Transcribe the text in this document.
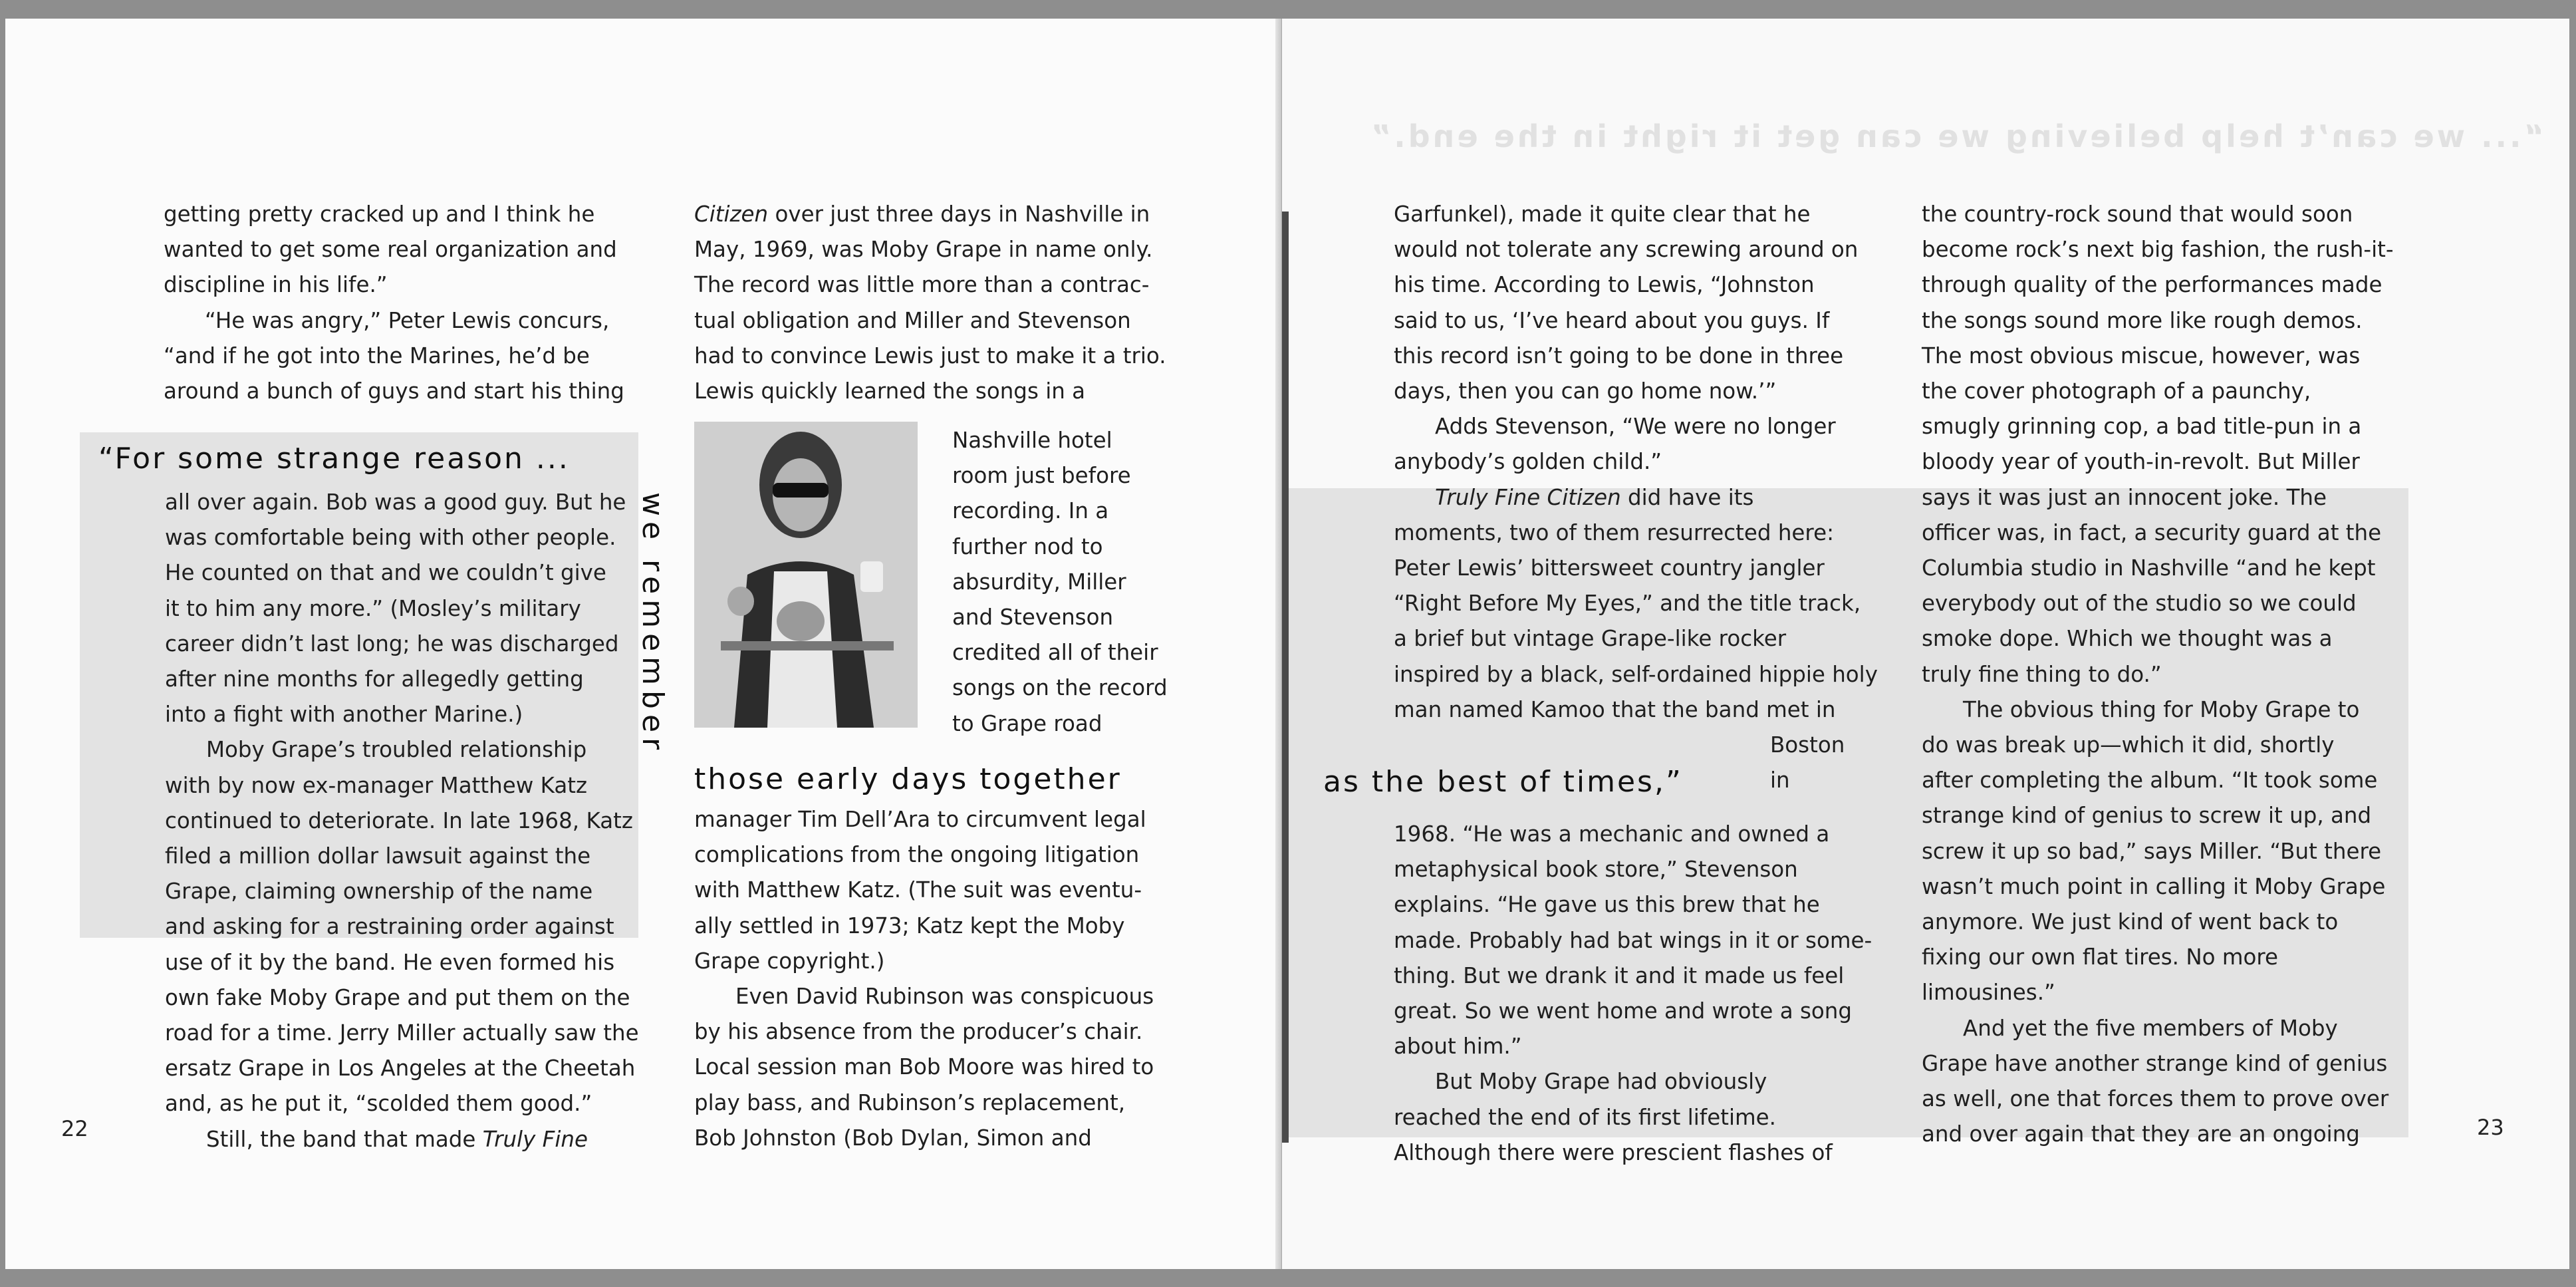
getting pretty cracked up and I think he

wanted to get some real organization and

discipline in his life.”

“He was angry,” Peter Lewis concurs,

“and if he got into the Marines, he’d be

around a bunch of guys and start his thing

all over again. Bob was a good guy. But he

was comfortable being with other people.

He counted on that and we couldn’t give

it to him any more.” (Mosley’s military

career didn’t last long; he was discharged

after nine months for allegedly getting

into a fight with another Marine.)

Moby Grape’s troubled relationship

with by now ex-manager Matthew Katz

continued to deteriorate. In late 1968, Katz

filed a million dollar lawsuit against the

Grape, claiming ownership of the name

and asking for a restraining order against

use of it by the band. He even formed his

own fake Moby Grape and put them on the

road for a time. Jerry Miller actually saw the

ersatz Grape in Los Angeles at the Cheetah

and, as he put it, “scolded them good.”

Still, the band that made Truly Fine

Citizen over just three days in Nashville in

May, 1969, was Moby Grape in name only.

The record was little more than a contrac-

tual obligation and Miller and Stevenson

had to convince Lewis just to make it a trio.

Lewis quickly learned the songs in a

Nashville hotel

room just before

recording. In a

further nod to

absurdity, Miller

and Stevenson

credited all of their

songs on the record

to Grape road

manager Tim Dell’Ara to circumvent legal

complications from the ongoing litigation

with Matthew Katz. (The suit was eventu-

ally settled in 1973; Katz kept the Moby

Grape copyright.)

Even David Rubinson was conspicuous

by his absence from the producer’s chair.

Local session man Bob Moore was hired to

play bass, and Rubinson’s replacement,

Bob Johnston (Bob Dylan, Simon and

“For some strange reason ...
we remember
those early days together
22
“... we can’t help believing we can get it right in the end.”

Garfunkel), made it quite clear that he

would not tolerate any screwing around on

his time. According to Lewis, “Johnston

said to us, ‘I’ve heard about you guys. If

this record isn’t going to be done in three

days, then you can go home now.’”

Adds Stevenson, “We were no longer

anybody’s golden child.”

Truly Fine Citizen did have its

moments, two of them resurrected here:

Peter Lewis’ bittersweet country jangler

“Right Before My Eyes,” and the title track,

a brief but vintage Grape-like rocker

inspired by a black, self-ordained hippie holy

man named Kamoo that the band met in

Boston

in

as the best of times,”

1968. “He was a mechanic and owned a

metaphysical book store,” Stevenson

explains. “He gave us this brew that he

made. Probably had bat wings in it or some-

thing. But we drank it and it made us feel

great. So we went home and wrote a song

about him.”

But Moby Grape had obviously

reached the end of its first lifetime.

Although there were prescient flashes of

the country-rock sound that would soon

become rock’s next big fashion, the rush-it-

through quality of the performances made

the songs sound more like rough demos.

The most obvious miscue, however, was

the cover photograph of a paunchy,

smugly grinning cop, a bad title-pun in a

bloody year of youth-in-revolt. But Miller

says it was just an innocent joke. The

officer was, in fact, a security guard at the

Columbia studio in Nashville “and he kept

everybody out of the studio so we could

smoke dope. Which we thought was a

truly fine thing to do.”

The obvious thing for Moby Grape to

do was break up—which it did, shortly

after completing the album. “It took some

strange kind of genius to screw it up, and

screw it up so bad,” says Miller. “But there

wasn’t much point in calling it Moby Grape

anymore. We just kind of went back to

fixing our own flat tires. No more

limousines.”

And yet the five members of Moby

Grape have another strange kind of genius

as well, one that forces them to prove over

and over again that they are an ongoing	23
